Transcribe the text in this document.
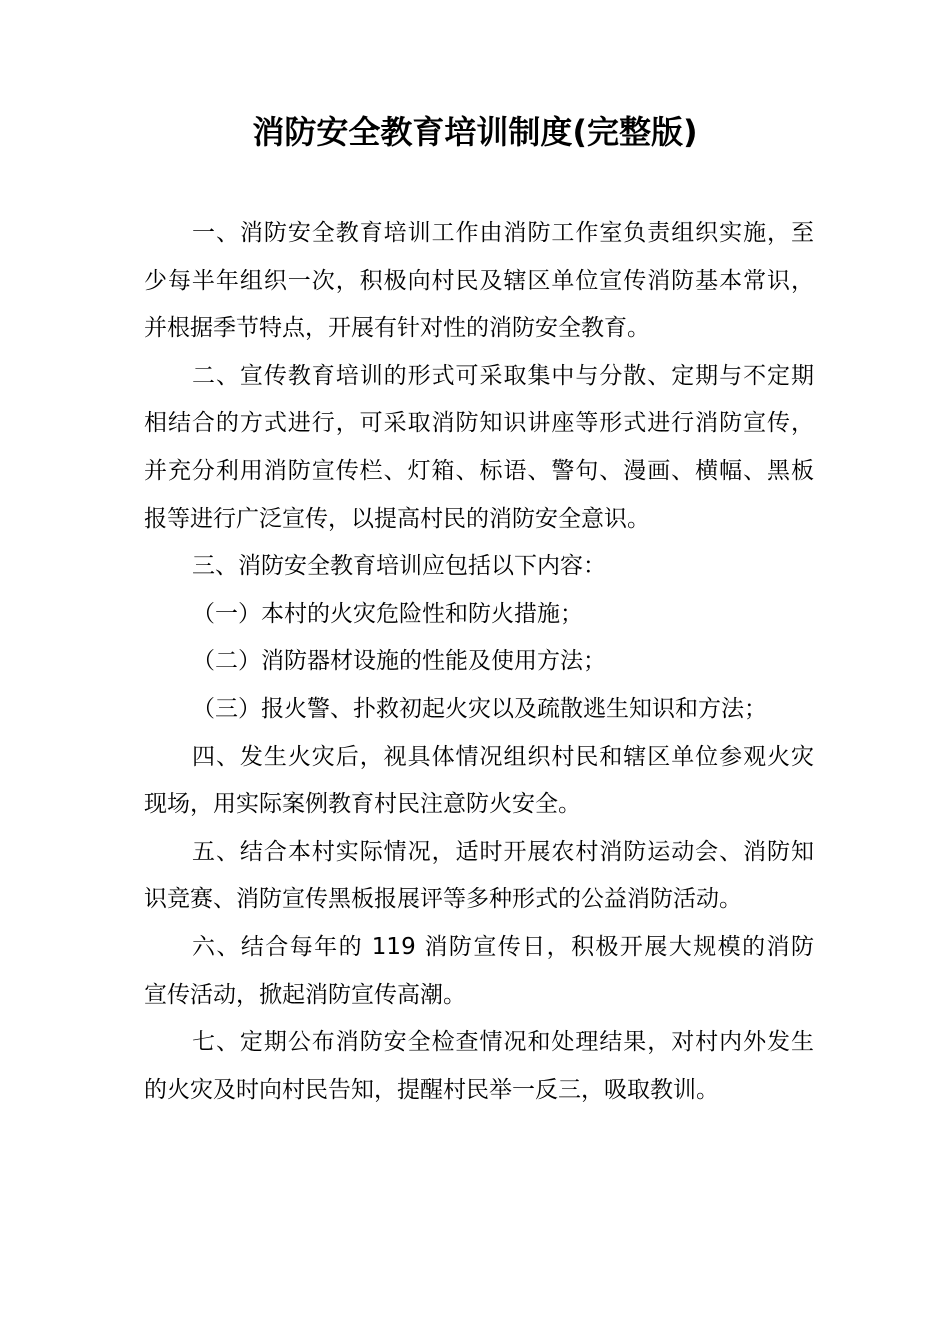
消防安全教育培训制度(完整版)
一、消防安全教育培训工作由消防工作室负责组织实施，至
少每半年组织一次，积极向村民及辖区单位宣传消防基本常识，
并根据季节特点，开展有针对性的消防安全教育。
二、宣传教育培训的形式可采取集中与分散、定期与不定期
相结合的方式进行，可采取消防知识讲座等形式进行消防宣传，
并充分利用消防宣传栏、灯箱、标语、警句、漫画、横幅、黑板
报等进行广泛宣传，以提高村民的消防安全意识。
三、消防安全教育培训应包括以下内容：
（一）本村的火灾危险性和防火措施；
（二）消防器材设施的性能及使用方法；
（三）报火警、扑救初起火灾以及疏散逃生知识和方法；
四、发生火灾后，视具体情况组织村民和辖区单位参观火灾
现场，用实际案例教育村民注意防火安全。
五、结合本村实际情况，适时开展农村消防运动会、消防知
识竞赛、消防宣传黑板报展评等多种形式的公益消防活动。
六、结合每年的 119 消防宣传日，积极开展大规模的消防
宣传活动，掀起消防宣传高潮。
七、定期公布消防安全检查情况和处理结果，对村内外发生
的火灾及时向村民告知，提醒村民举一反三，吸取教训。
